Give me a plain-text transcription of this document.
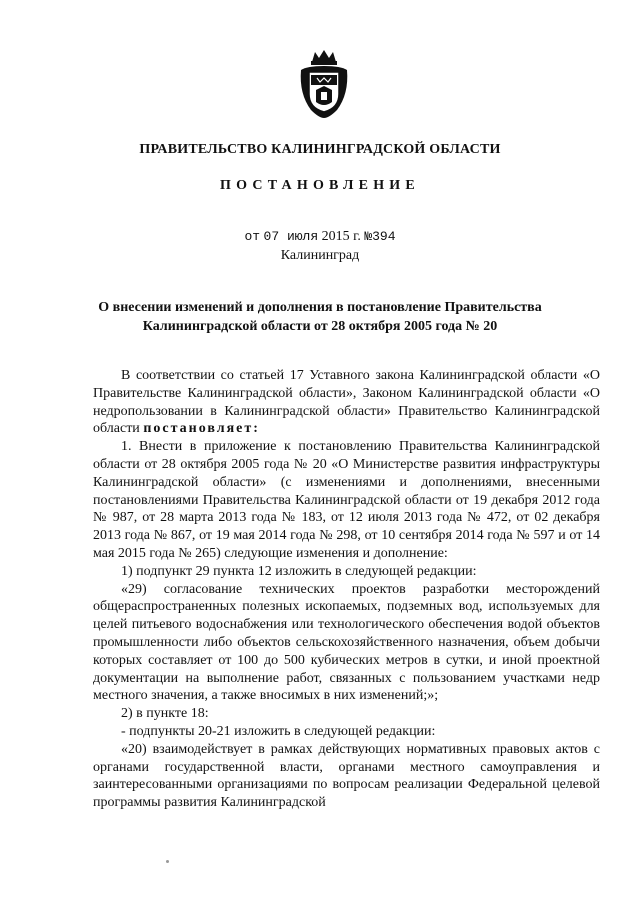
ПРАВИТЕЛЬСТВО КАЛИНИНГРАДСКОЙ ОБЛАСТИ
ПОСТАНОВЛЕНИЕ
от 07 июля 2015 г. №394
Калининград
О внесении изменений и дополнения в постановление Правительства
Калининградской области от 28 октября 2005 года № 20

В соответствии со статьей 17 Уставного закона Калининградской области «О Правительстве Калининградской области», Законом Калининградской области «О недропользовании в Калининградской области» Правительство Калининградской области постановляет:

1. Внести в приложение к постановлению Правительства Калининградской области от 28 октября 2005 года № 20 «О Министерстве развития инфраструктуры Калининградской области» (с изменениями и дополнениями, внесенными постановлениями Правительства Калининградской области от 19 декабря 2012 года № 987, от 28 марта 2013 года № 183, от 12 июля 2013 года № 472, от 02 декабря 2013 года № 867, от 19 мая 2014 года № 298, от 10 сентября 2014 года № 597 и от 14 мая 2015 года № 265) следующие изменения и дополнение:

1) подпункт 29 пункта 12 изложить в следующей редакции:

«29) согласование технических проектов разработки месторождений общераспространенных полезных ископаемых, подземных вод, используемых для целей питьевого водоснабжения или технологического обеспечения водой объектов промышленности либо объектов сельскохозяйственного назначения, объем добычи которых составляет от 100 до 500 кубических метров в сутки, и иной проектной документации на выполнение работ, связанных с пользованием участками недр местного значения, а также вносимых в них изменений;»;

2) в пункте 18:

- подпункты 20-21 изложить в следующей редакции:

«20) взаимодействует в рамках действующих нормативных правовых актов с органами государственной власти, органами местного самоуправления и заинтересованными организациями по вопросам реализации Федеральной целевой программы развития Калининградской
